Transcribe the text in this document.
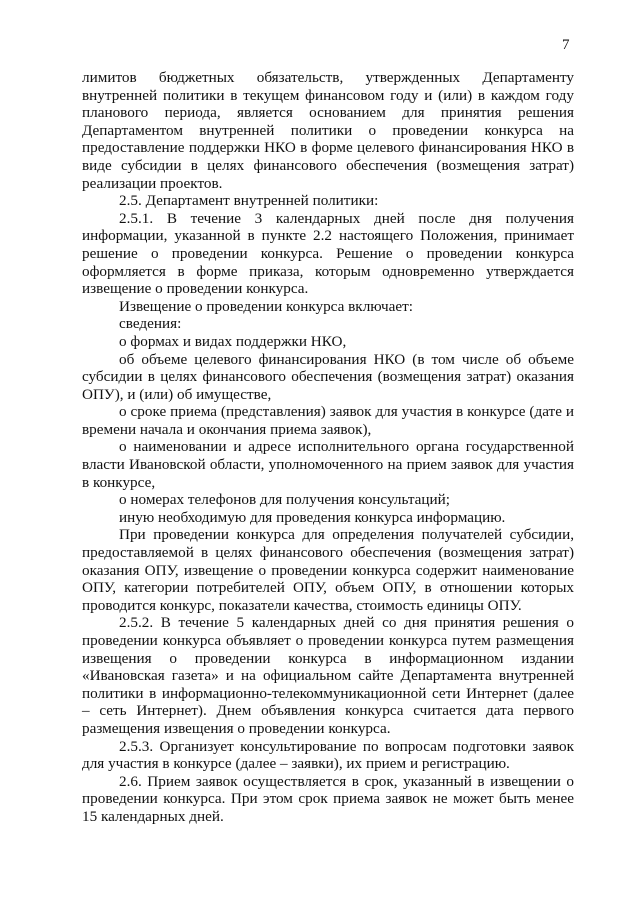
7

лимитов бюджетных обязательств, утвержденных Департаменту внутренней политики в текущем финансовом году и (или) в каждом году планового периода, является основанием для принятия решения Департаментом внутренней политики о проведении конкурса на предоставление поддержки НКО в форме целевого финансирования НКО в виде субсидии в целях финансового обеспечения (возмещения затрат) реализации проектов.

2.5. Департамент внутренней политики:

2.5.1. В течение 3 календарных дней после дня получения информации, указанной в пункте 2.2 настоящего Положения, принимает решение о проведении конкурса. Решение о проведении конкурса оформляется в форме приказа, которым одновременно утверждается извещение о проведении конкурса.

Извещение о проведении конкурса включает:

сведения:

о формах и видах поддержки НКО,

об объеме целевого финансирования НКО (в том числе об объеме субсидии в целях финансового обеспечения (возмещения затрат) оказания ОПУ), и (или) об имуществе,

о сроке приема (представления) заявок для участия в конкурсе (дате и времени начала и окончания приема заявок),

о наименовании и адресе исполнительного органа государственной власти Ивановской области, уполномоченного на прием заявок для участия в конкурсе,

о номерах телефонов для получения консультаций;

иную необходимую для проведения конкурса информацию.

При проведении конкурса для определения получателей субсидии, предоставляемой в целях финансового обеспечения (возмещения затрат) оказания ОПУ, извещение о проведении конкурса содержит наименование ОПУ, категории потребителей ОПУ, объем ОПУ, в отношении которых проводится конкурс, показатели качества, стоимость единицы ОПУ.

2.5.2. В течение 5 календарных дней со дня принятия решения о проведении конкурса объявляет о проведении конкурса путем размещения извещения о проведении конкурса в информационном издании «Ивановская газета» и на официальном сайте Департамента внутренней политики в информационно-телекоммуникационной сети Интернет (далее – сеть Интернет). Днем объявления конкурса считается дата первого размещения извещения о проведении конкурса.

2.5.3. Организует консультирование по вопросам подготовки заявок для участия в конкурсе (далее – заявки), их прием и регистрацию.

2.6. Прием заявок осуществляется в срок, указанный в извещении о проведении конкурса. При этом срок приема заявок не может быть менее 15 календарных дней.
